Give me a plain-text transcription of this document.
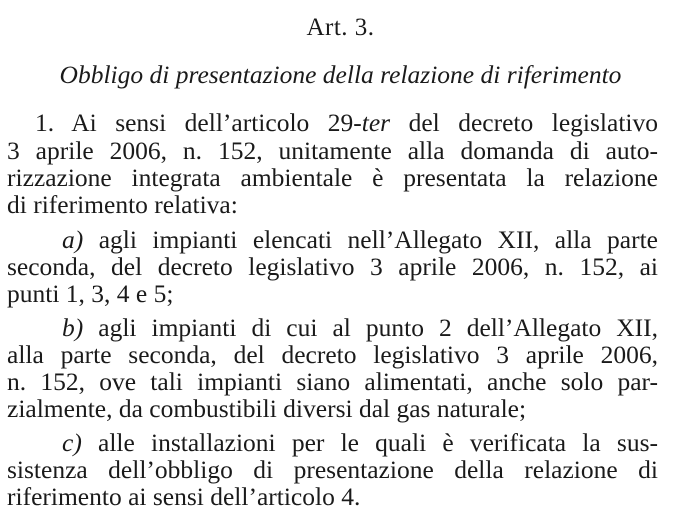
Art. 3.
Obbligo di presentazione della relazione di riferimento
1. Ai sensi dell’articolo 29-ter del decreto legislativo
3 aprile 2006, n. 152, unitamente alla domanda di auto-
rizzazione integrata ambientale è presentata la relazione
di riferimento relativa:
a) agli impianti elencati nell’Allegato XII, alla parte
seconda, del decreto legislativo 3 aprile 2006, n. 152, ai
punti 1, 3, 4 e 5;
b) agli impianti di cui al punto 2 dell’Allegato XII,
alla parte seconda, del decreto legislativo 3 aprile 2006,
n. 152, ove tali impianti siano alimentati, anche solo par-
zialmente, da combustibili diversi dal gas naturale;
c) alle installazioni per le quali è verificata la sus-
sistenza dell’obbligo di presentazione della relazione di
riferimento ai sensi dell’articolo 4.
